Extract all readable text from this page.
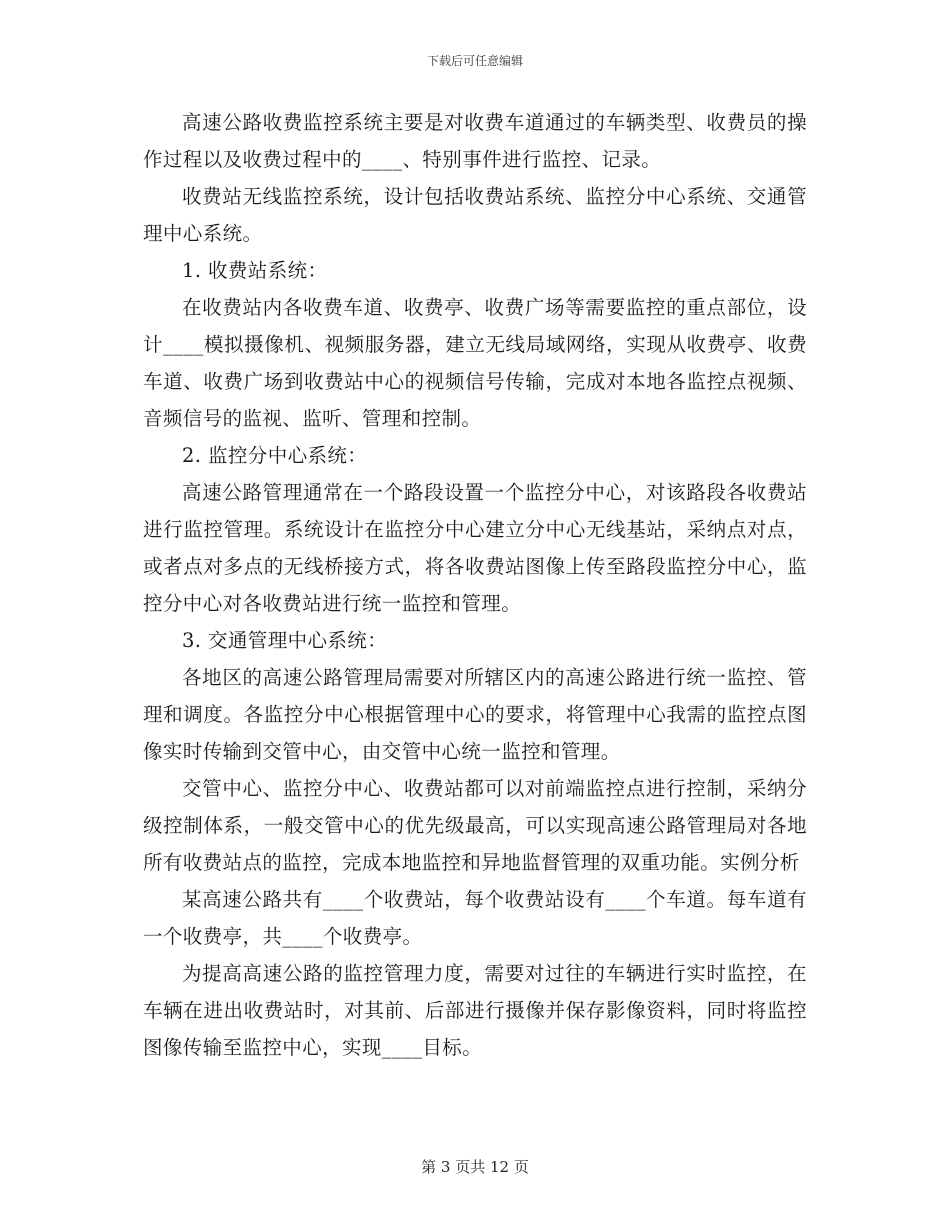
下载后可任意编辑

高速公路收费监控系统主要是对收费车道通过的车辆类型、收费员的操作过程以及收费过程中的____、特别事件进行监控、记录。

收费站无线监控系统，设计包括收费站系统、监控分中心系统、交通管理中心系统。

1. 收费站系统：

在收费站内各收费车道、收费亭、收费广场等需要监控的重点部位，设计____模拟摄像机、视频服务器，建立无线局域网络，实现从收费亭、收费车道、收费广场到收费站中心的视频信号传输，完成对本地各监控点视频、音频信号的监视、监听、管理和控制。

2. 监控分中心系统：

高速公路管理通常在一个路段设置一个监控分中心，对该路段各收费站进行监控管理。系统设计在监控分中心建立分中心无线基站，采纳点对点，或者点对多点的无线桥接方式，将各收费站图像上传至路段监控分中心，监控分中心对各收费站进行统一监控和管理。

3. 交通管理中心系统：

各地区的高速公路管理局需要对所辖区内的高速公路进行统一监控、管理和调度。各监控分中心根据管理中心的要求，将管理中心我需的监控点图像实时传输到交管中心，由交管中心统一监控和管理。

交管中心、监控分中心、收费站都可以对前端监控点进行控制，采纳分级控制体系，一般交管中心的优先级最高，可以实现高速公路管理局对各地所有收费站点的监控，完成本地监控和异地监督管理的双重功能。实例分析

某高速公路共有____个收费站，每个收费站设有____个车道。每车道有一个收费亭，共____个收费亭。

为提高高速公路的监控管理力度，需要对过往的车辆进行实时监控，在车辆在进出收费站时，对其前、后部进行摄像并保存影像资料，同时将监控图像传输至监控中心，实现____目标。

第 3 页共 12 页
